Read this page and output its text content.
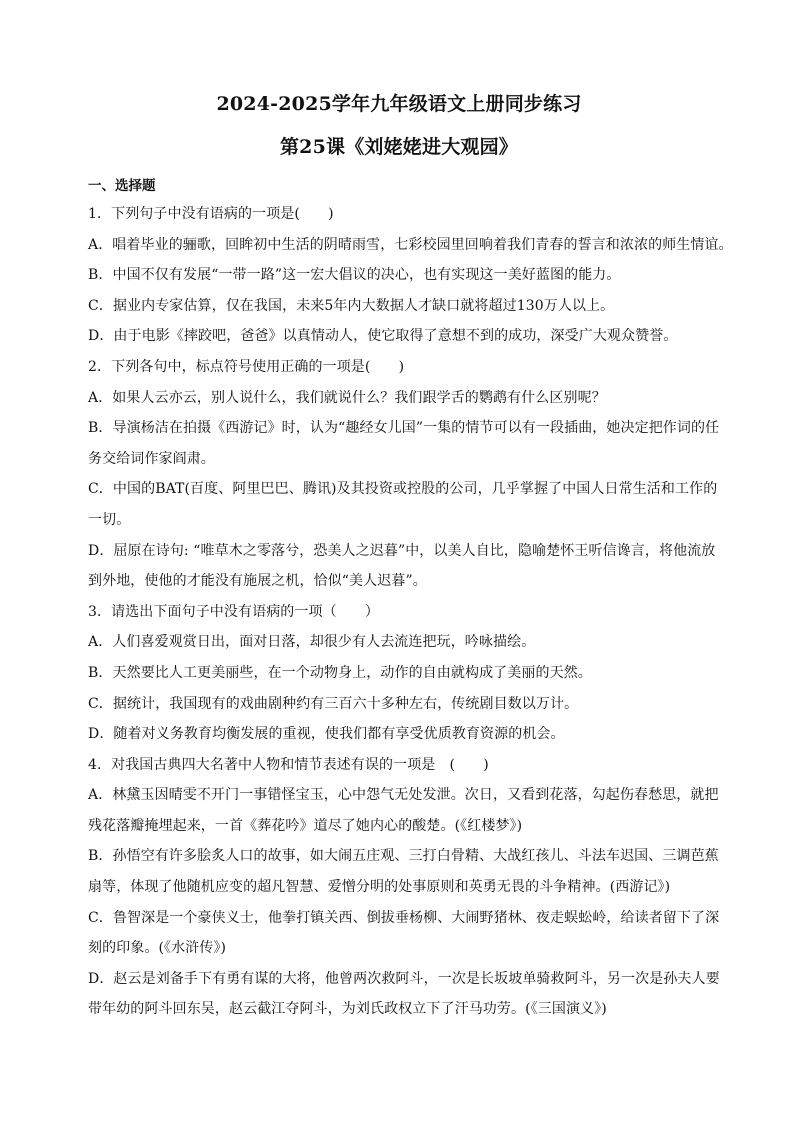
2024-2025学年九年级语文上册同步练习
第25课《刘姥姥进大观园》
一、选择题
1．下列句子中没有语病的一项是(　　)
A．唱着毕业的骊歌，回眸初中生活的阴晴雨雪，七彩校园里回响着我们青春的誓言和浓浓的师生情谊。
B．中国不仅有发展“一带一路”这一宏大倡议的决心，也有实现这一美好蓝图的能力。
C．据业内专家估算，仅在我国，未来5年内大数据人才缺口就将超过130万人以上。
D．由于电影《摔跤吧，爸爸》以真情动人，使它取得了意想不到的成功，深受广大观众赞誉。
2．下列各句中，标点符号使用正确的一项是(　　)
A．如果人云亦云，别人说什么，我们就说什么？我们跟学舌的鹦鹉有什么区别呢？
B．导演杨洁在拍摄《西游记》时，认为“趣经女儿国”一集的情节可以有一段插曲，她决定把作词的任
务交给词作家阎肃。
C．中国的BAT(百度、阿里巴巴、腾讯)及其投资或控股的公司，几乎掌握了中国人日常生活和工作的
一切。
D．屈原在诗句: “唯草木之零落兮，恐美人之迟暮”中，以美人自比，隐喻楚怀王听信谗言，将他流放
到外地，使他的才能没有施展之机，恰似“美人迟暮”。
3．请选出下面句子中没有语病的一项（　　）
A．人们喜爱观赏日出，面对日落，却很少有人去流连把玩，吟咏描绘。
B．天然要比人工更美丽些，在一个动物身上，动作的自由就构成了美丽的天然。
C．据统计，我国现有的戏曲剧种约有三百六十多种左右，传统剧目数以万计。
D．随着对义务教育均衡发展的重视，使我们都有享受优质教育资源的机会。
4．对我国古典四大名著中人物和情节表述有误的一项是　(　　)
A．林黛玉因晴雯不开门一事错怪宝玉，心中怨气无处发泄。次日，又看到花落，勾起伤春愁思，就把
残花落瓣掩埋起来，一首《葬花吟》道尽了她内心的酸楚。(《红楼梦》)
B．孙悟空有许多脍炙人口的故事，如大闹五庄观、三打白骨精、大战红孩儿、斗法车迟国、三调芭蕉
扇等，体现了他随机应变的超凡智慧、爱憎分明的处事原则和英勇无畏的斗争精神。(西游记》)
C．鲁智深是一个豪侠义士，他拳打镇关西、倒拔垂杨柳、大闹野猪林、夜走蜈蚣岭，给读者留下了深
刻的印象。(《水浒传》)
D．赵云是刘备手下有勇有谋的大将，他曾两次救阿斗，一次是长坂坡单骑救阿斗，另一次是孙夫人要
带年幼的阿斗回东吴，赵云截江夺阿斗，为刘氏政权立下了汗马功劳。(《三国演义》)
